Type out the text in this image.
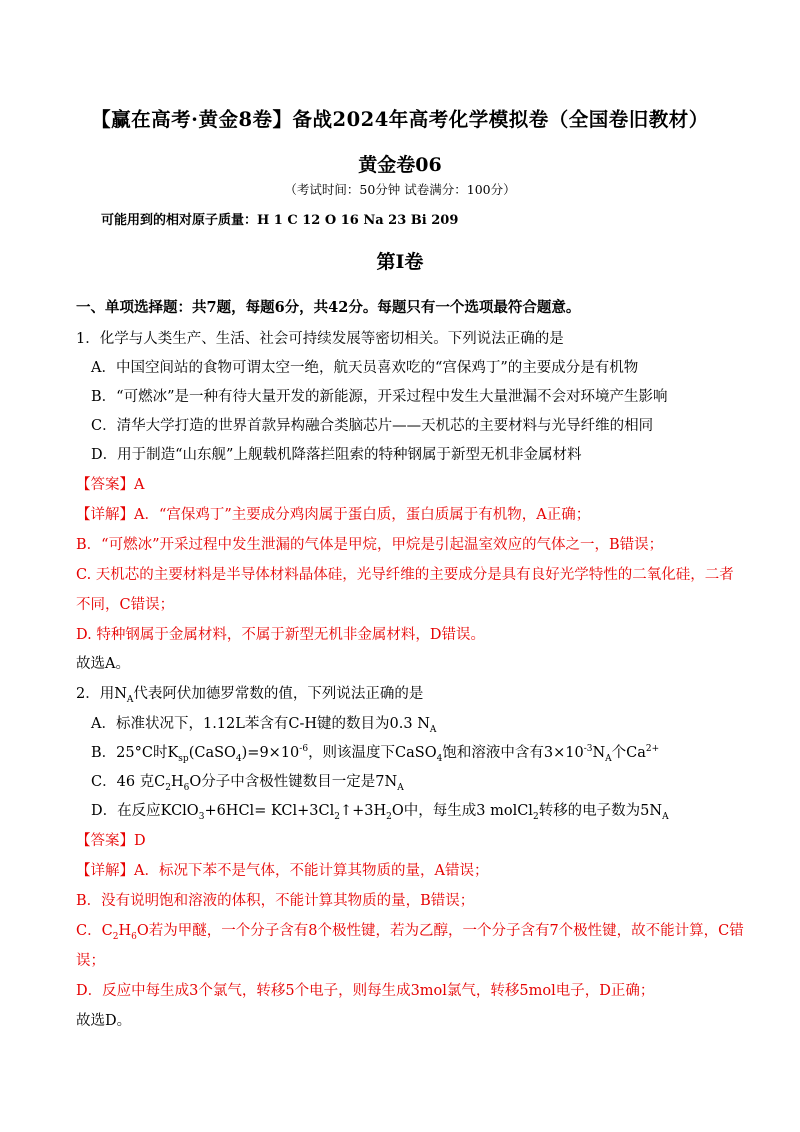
【赢在高考·黄金8卷】备战2024年高考化学模拟卷（全国卷旧教材）
黄金卷06
（考试时间：50分钟 试卷满分：100分）
可能用到的相对原子质量：H 1 C 12 O 16 Na 23 Bi 209
第Ⅰ卷
一、单项选择题：共7题，每题6分，共42分。每题只有一个选项最符合题意。
1．化学与人类生产、生活、社会可持续发展等密切相关。下列说法正确的是
A．中国空间站的食物可谓太空一绝，航天员喜欢吃的“宫保鸡丁”的主要成分是有机物
B．“可燃冰”是一种有待大量开发的新能源，开采过程中发生大量泄漏不会对环境产生影响
C．清华大学打造的世界首款异构融合类脑芯片——天机芯的主要材料与光导纤维的相同
D．用于制造“山东舰”上舰载机降落拦阻索的特种钢属于新型无机非金属材料
【答案】A
【详解】A．“宫保鸡丁”主要成分鸡肉属于蛋白质，蛋白质属于有机物，A正确；
B．“可燃冰”开采过程中发生泄漏的气体是甲烷，甲烷是引起温室效应的气体之一，B错误；
C. 天机芯的主要材料是半导体材料晶体硅，光导纤维的主要成分是具有良好光学特性的二氧化硅，二者
不同，C错误；
D. 特种钢属于金属材料，不属于新型无机非金属材料，D错误。
故选A。
2．用$N_A$代表阿伏加德罗常数的值，下列说法正确的是
A．标准状况下，1.12L苯含有C-H键的数目为0.3 $N_A$
B．25°C时$K_{sp}(CaSO_4)=9\times 10^{-6}$，则该温度下CaSO$_4$饱和溶液中含有$3\times 10^{-3}N_A$个$Ca^{2+}$
C．46 克$C_2H_6O$分子中含极性键数目一定是$7N_A$
D．在反应KClO$_3$+6HCl= $KCl+3Cl_2↑+3H_2O$中，每生成3 molCl$_2$转移的电子数为$5N_A$
【答案】D
【详解】A．标况下苯不是气体，不能计算其物质的量，A错误；
B．没有说明饱和溶液的体积，不能计算其物质的量，B错误；
C．$C_2H_6O$若为甲醚，一个分子含有8个极性键，若为乙醇，一个分子含有7个极性键，故不能计算，C错
误；
D．反应中每生成3个氯气，转移5个电子，则每生成3mol氯气，转移5mol电子，D正确；
故选D。
